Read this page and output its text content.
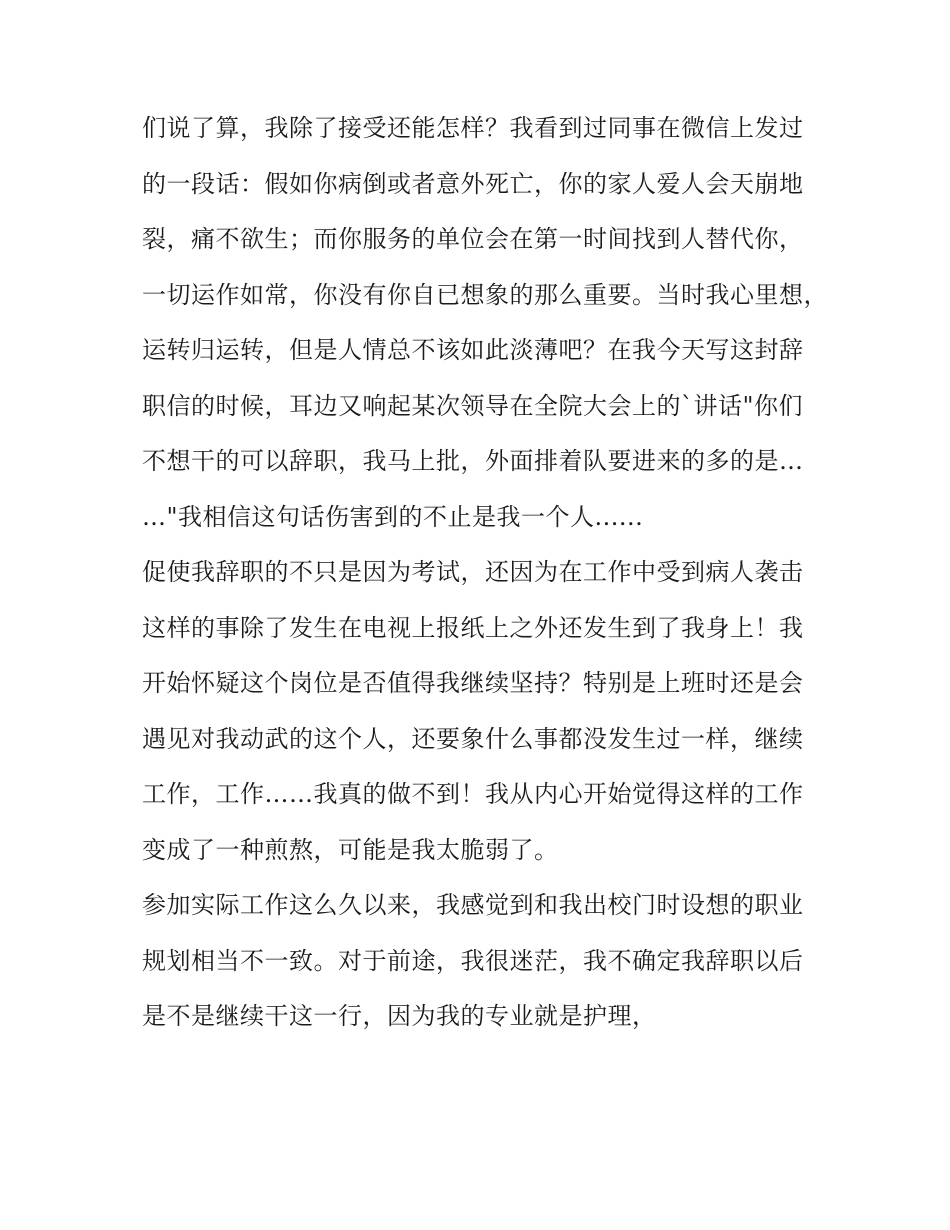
们说了算，我除了接受还能怎样？我看到过同事在微信上发过
的一段话：假如你病倒或者意外死亡，你的家人爱人会天崩地
裂，痛不欲生；而你服务的单位会在第一时间找到人替代你，
一切运作如常，你没有你自已想象的那么重要。当时我心里想，
运转归运转，但是人情总不该如此淡薄吧？在我今天写这封辞
职信的时候，耳边又响起某次领导在全院大会上的`讲话"你们
不想干的可以辞职，我马上批，外面排着队要进来的多的是…
…"我相信这句话伤害到的不止是我一个人......
促使我辞职的不只是因为考试，还因为在工作中受到病人袭击
这样的事除了发生在电视上报纸上之外还发生到了我身上！我
开始怀疑这个岗位是否值得我继续坚持？特别是上班时还是会
遇见对我动武的这个人，还要象什么事都没发生过一样，继续
工作，工作……我真的做不到！我从内心开始觉得这样的工作
变成了一种煎熬，可能是我太脆弱了。
参加实际工作这么久以来，我感觉到和我出校门时设想的职业
规划相当不一致。对于前途，我很迷茫，我不确定我辞职以后
是不是继续干这一行，因为我的专业就是护理，
